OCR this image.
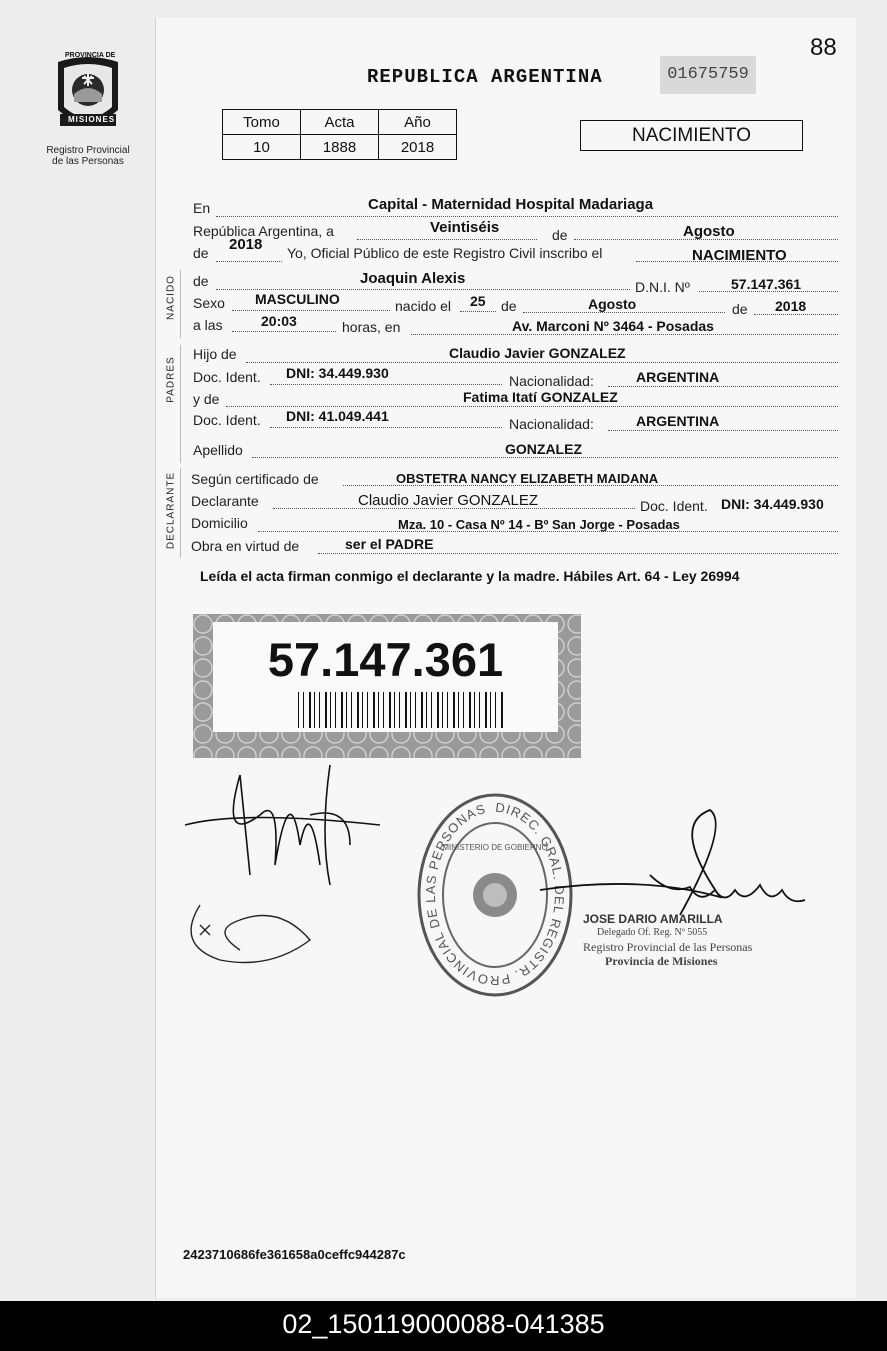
88
PROVINCIA DE
MISIONES
Registro Provincial de las Personas
REPUBLICA ARGENTINA	01675759
Tomo	Acta	Año
10	1888	2018
NACIMIENTO
NACIDO
PADRES
DECLARANTE
En	Capital - Maternidad Hospital Madariaga
República Argentina, a	Veintiséis	de	Agosto
de 2018 Yo, Oficial Público de este Registro Civil inscribo el	NACIMIENTO
de	Joaquin Alexis	D.N.I. Nº	57.147.361
Sexo MASCULINO	nacido el 25 de	Agosto	de 2018
a las	20:03	horas, en	Av. Marconi Nº 3464 - Posadas
Hijo de	Claudio Javier GONZALEZ
Doc. Ident. DNI: 34.449.930	Nacionalidad:	ARGENTINA
y de	Fatima Itatí GONZALEZ
Doc. Ident. DNI: 41.049.441	Nacionalidad:	ARGENTINA
Apellido	GONZALEZ
Según certificado de	OBSTETRA NANCY ELIZABETH MAIDANA
Declarante	Claudio Javier GONZALEZ	Doc. Ident. DNI: 34.449.930
Domicilio	Mza. 10 - Casa Nº 14 - Bº San Jorge - Posadas
Obra en virtud de	ser el PADRE
Leída el acta firman conmigo el declarante y la madre. Hábiles Art. 64 - Ley 26994
57.147.361
DIREC. GRAL. DEL REGISTR. PROVINCIAL DE LAS PERSONAS
MINISTERIO DE GOBIERNO
JOSE DARIO AMARILLA
Delegado Of. Reg. Nº 5055
Registro Provincial de las Personas
Provincia de Misiones
2423710686fe361658a0ceffc944287c
02_150119000088-041385
